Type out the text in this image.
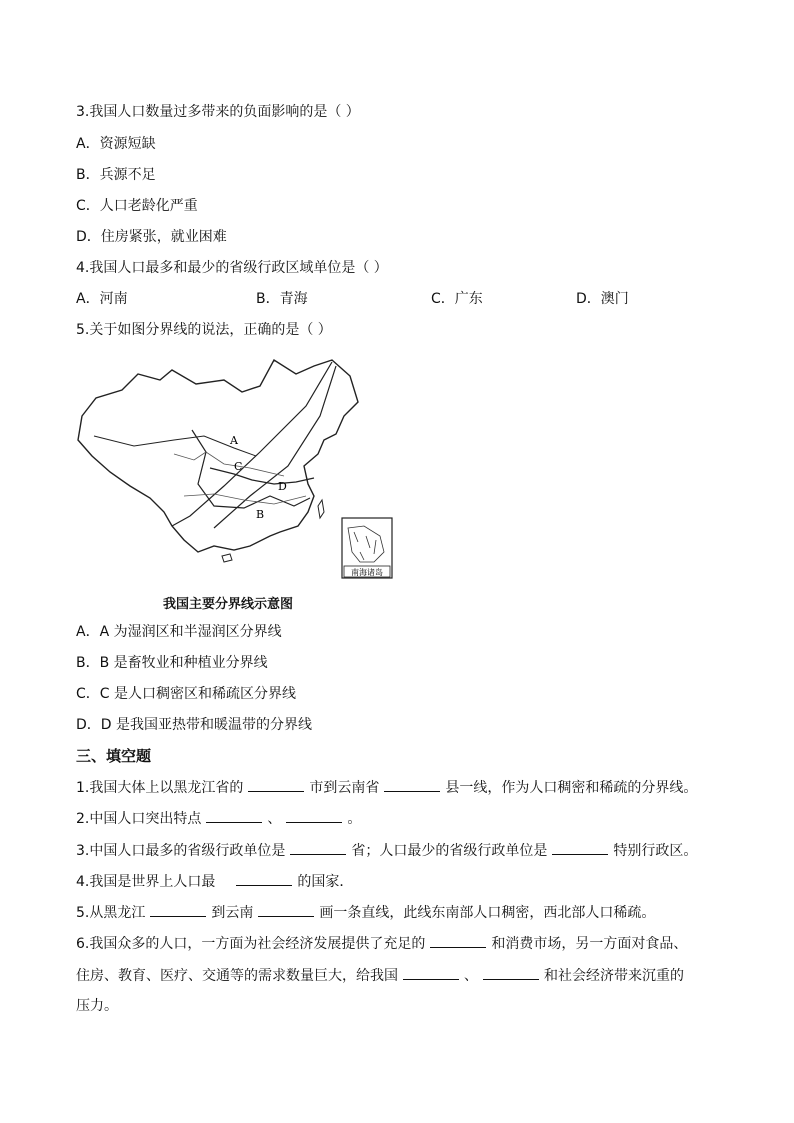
3.我国人口数量过多带来的负面影响的是（ ）
A．资源短缺
B．兵源不足
C．人口老龄化严重
D．住房紧张，就业困难
4.我国人口最多和最少的省级行政区域单位是（ ）
A．河南	B．青海	C．广东	D．澳门
5.关于如图分界线的说法，正确的是（ ）
A
B
C
D
南海诸岛
我国主要分界线示意图
A．A 为湿润区和半湿润区分界线
B．B 是畜牧业和种植业分界线
C．C 是人口稠密区和稀疏区分界线
D．D 是我国亚热带和暖温带的分界线
三、填空题
1.我国大体上以黑龙江省的	市到云南省	县一线，作为人口稠密和稀疏的分界线。
2.中国人口突出特点	、	。
3.中国人口最多的省级行政单位是	省；人口最少的省级行政单位是	特别行政区。
4.我国是世界上人口最	的国家．
5.从黑龙江	到云南	画一条直线，此线东南部人口稠密，西北部人口稀疏。
6.我国众多的人口，一方面为社会经济发展提供了充足的	和消费市场，另一方面对食品、
住房、教育、医疗、交通等的需求数量巨大，给我国	、	和社会经济带来沉重的
压力。
